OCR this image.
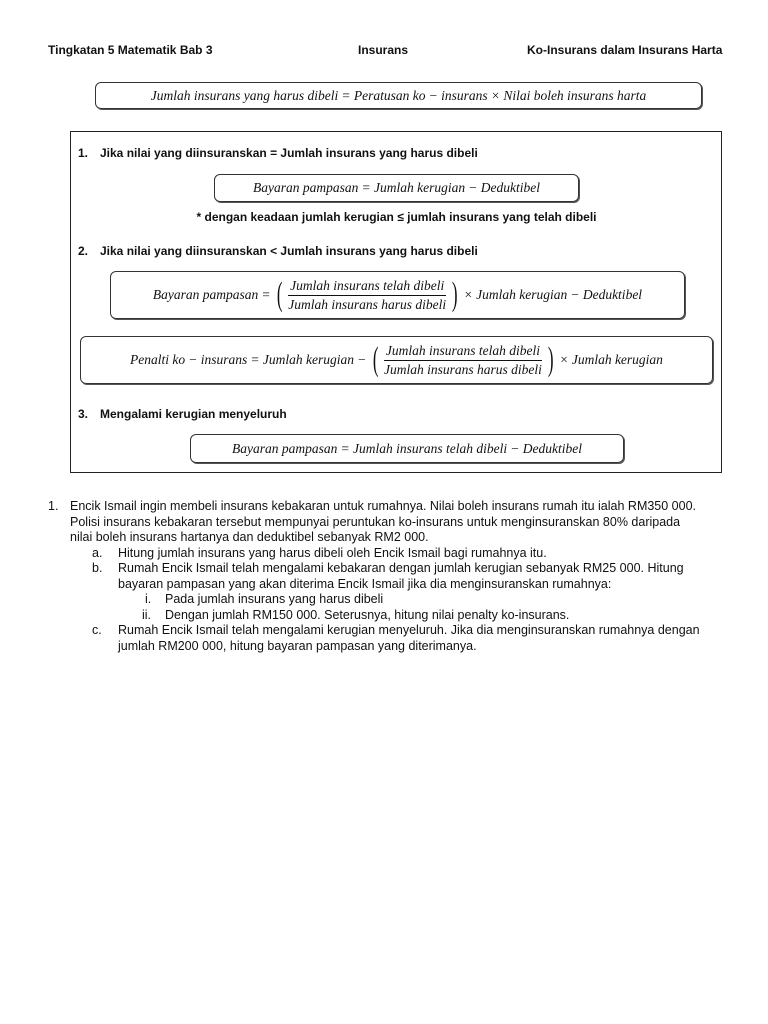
Tingkatan 5 Matematik Bab 3	Insurans	Ko-Insurans dalam Insurans Harta
Jumlah insurans yang harus dibeli = Peratusan ko − insurans × Nilai boleh insurans harta
1. Jika nilai yang diinsuranskan = Jumlah insurans yang harus dibeli
Bayaran pampasan = Jumlah kerugian − Deduktibel
* dengan keadaan jumlah kerugian ≤ jumlah insurans yang telah dibeli
2. Jika nilai yang diinsuranskan < Jumlah insurans yang harus dibeli
Bayaran pampasan = ( $\frac{\text{Jumlah insurans telah dibeli}}{\text{Jumlah insurans harus dibeli}}$ ) × Jumlah kerugian − Deduktibel
Penalti ko − insurans = Jumlah kerugian − ( $\frac{\text{Jumlah insurans telah dibeli}}{\text{Jumlah insurans harus dibeli}}$ ) × Jumlah kerugian
3. Mengalami kerugian menyeluruh
Bayaran pampasan = Jumlah insurans telah dibeli − Deduktibel
1. Encik Ismail ingin membeli insurans kebakaran untuk rumahnya. Nilai boleh insurans rumah itu ialah RM350 000.
Polisi insurans kebakaran tersebut mempunyai peruntukan ko-insurans untuk menginsuranskan 80% daripada
nilai boleh insurans hartanya dan deduktibel sebanyak RM2 000.
a. Hitung jumlah insurans yang harus dibeli oleh Encik Ismail bagi rumahnya itu.
b. Rumah Encik Ismail telah mengalami kebakaran dengan jumlah kerugian sebanyak RM25 000. Hitung
bayaran pampasan yang akan diterima Encik Ismail jika dia menginsuranskan rumahnya:
i. Pada jumlah insurans yang harus dibeli
ii. Dengan jumlah RM150 000. Seterusnya, hitung nilai penalty ko-insurans.
c. Rumah Encik Ismail telah mengalami kerugian menyeluruh. Jika dia menginsuranskan rumahnya dengan
jumlah RM200 000, hitung bayaran pampasan yang diterimanya.
